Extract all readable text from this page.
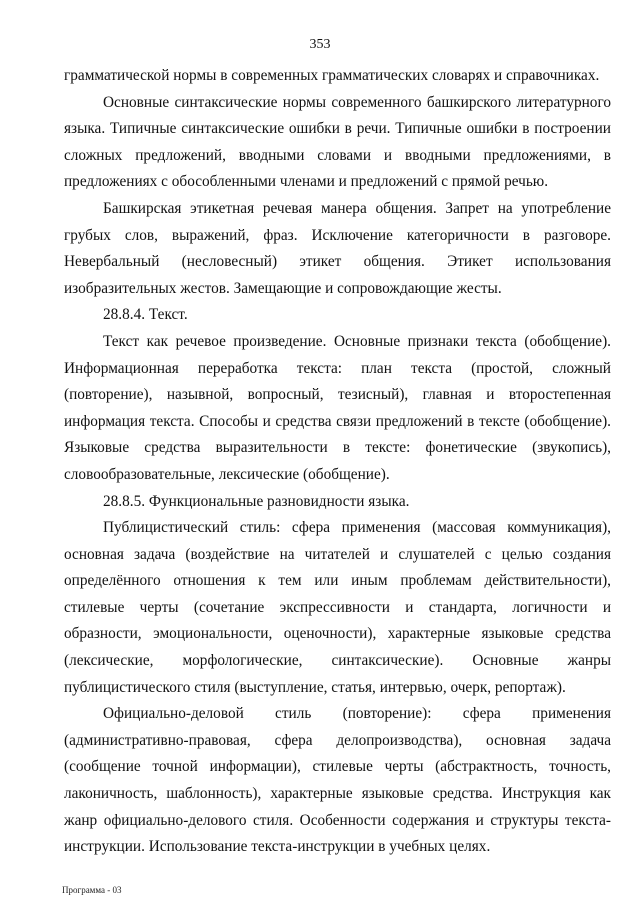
353

грамматической нормы в современных грамматических словарях и справочниках.

Основные синтаксические нормы современного башкирского литературного языка. Типичные синтаксические ошибки в речи. Типичные ошибки в построении сложных предложений, вводными словами и вводными предложениями, в предложениях с обособленными членами и предложений с прямой речью.

Башкирская этикетная речевая манера общения. Запрет на употребление грубых слов, выражений, фраз. Исключение категоричности в разговоре. Невербальный (несловесный) этикет общения. Этикет использования изобразительных жестов. Замещающие и сопровождающие жесты.

28.8.4. Текст.

Текст как речевое произведение. Основные признаки текста (обобщение). Информационная переработка текста: план текста (простой, сложный (повторение), назывной, вопросный, тезисный), главная и второстепенная информация текста. Способы и средства связи предложений в тексте (обобщение). Языковые средства выразительности в тексте: фонетические (звукопись), словообразовательные, лексические (обобщение).

28.8.5. Функциональные разновидности языка.

Публицистический стиль: сфера применения (массовая коммуникация), основная задача (воздействие на читателей и слушателей с целью создания определённого отношения к тем или иным проблемам действительности), стилевые черты (сочетание экспрессивности и стандарта, логичности и образности, эмоциональности, оценочности), характерные языковые средства (лексические, морфологические, синтаксические). Основные жанры публицистического стиля (выступление, статья, интервью, очерк, репортаж).

Официально-деловой стиль (повторение): сфера применения (административно-правовая, сфера делопроизводства), основная задача (сообщение точной информации), стилевые черты (абстрактность, точность, лаконичность, шаблонность), характерные языковые средства. Инструкция как жанр официально-делового стиля. Особенности содержания и структуры текста-инструкции. Использование текста-инструкции в учебных целях.

Программа - 03
